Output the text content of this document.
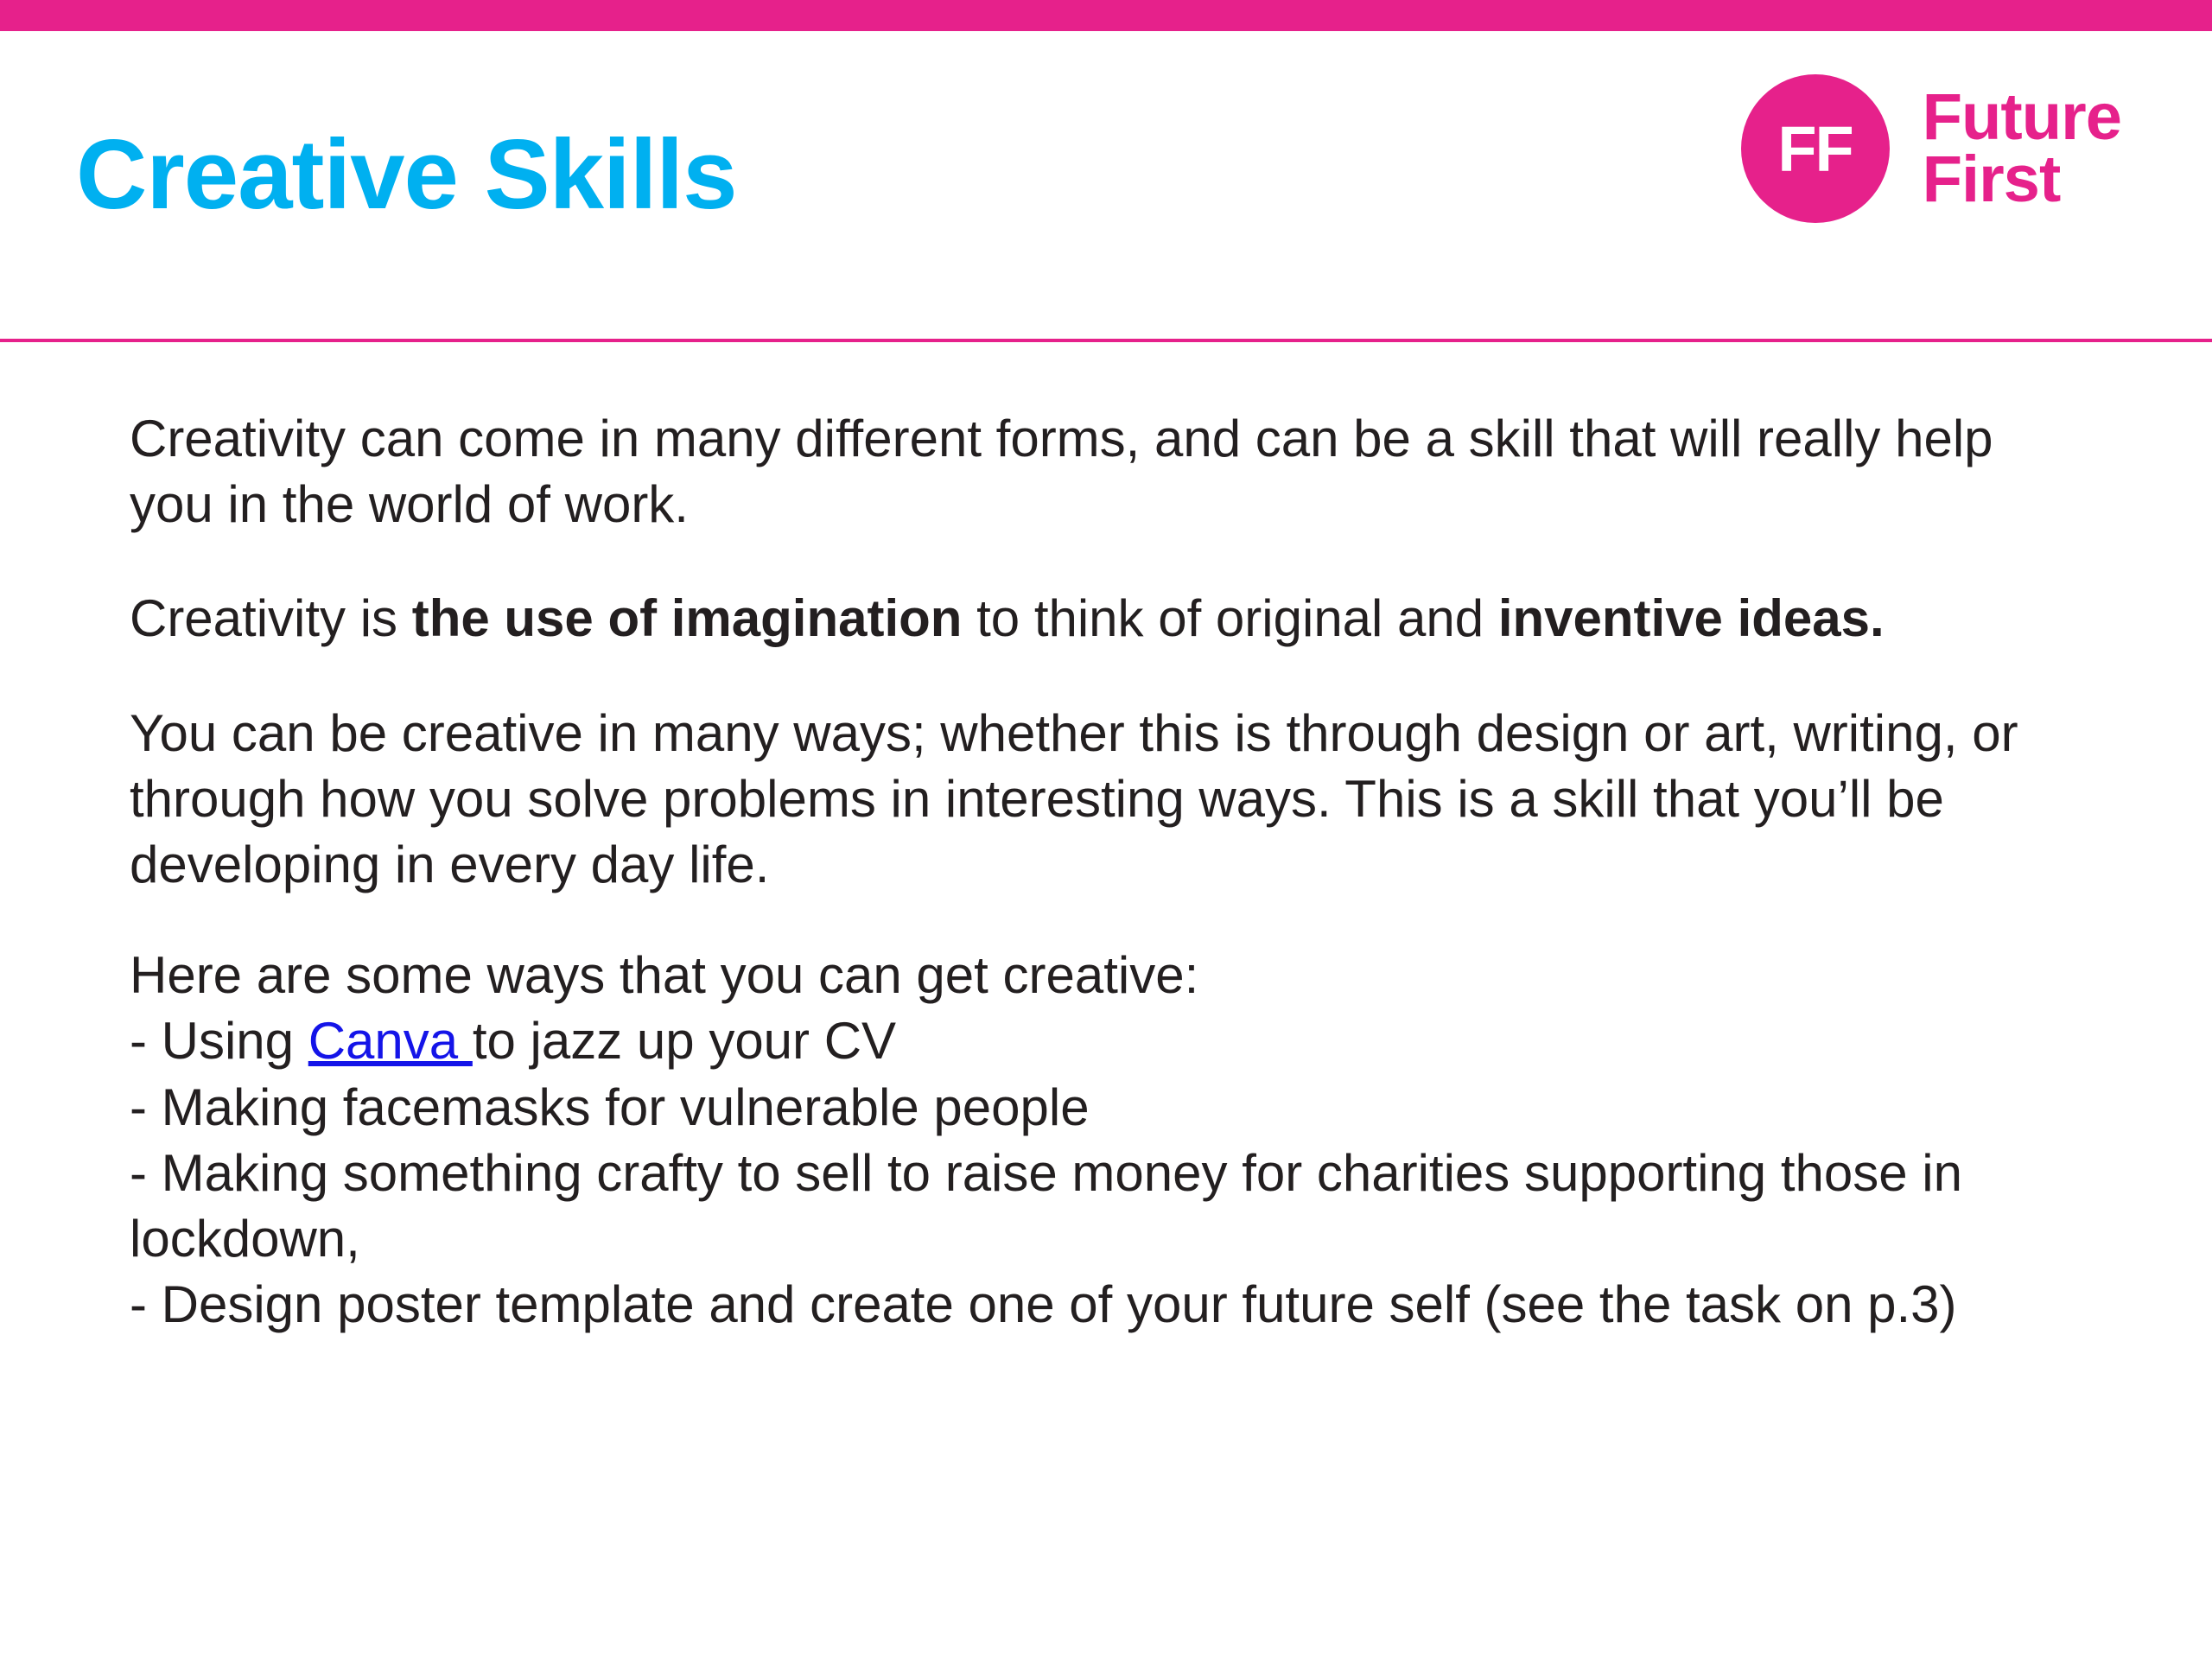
Creative Skills	FF Future
First

Creativity can come in many different forms, and can be a skill that will really help you in the world of work.

Creativity is the use of imagination to think of original and inventive ideas.

You can be creative in many ways; whether this is through design or art, writing, or through how you solve problems in interesting ways. This is a skill that you’ll be developing in every day life.

Here are some ways that you can get creative:
- Using Canva to jazz up your CV
- Making facemasks for vulnerable people
- Making something crafty to sell to raise money for charities supporting those in lockdown,
- Design poster template and create one of your future self (see the task on p.3)
